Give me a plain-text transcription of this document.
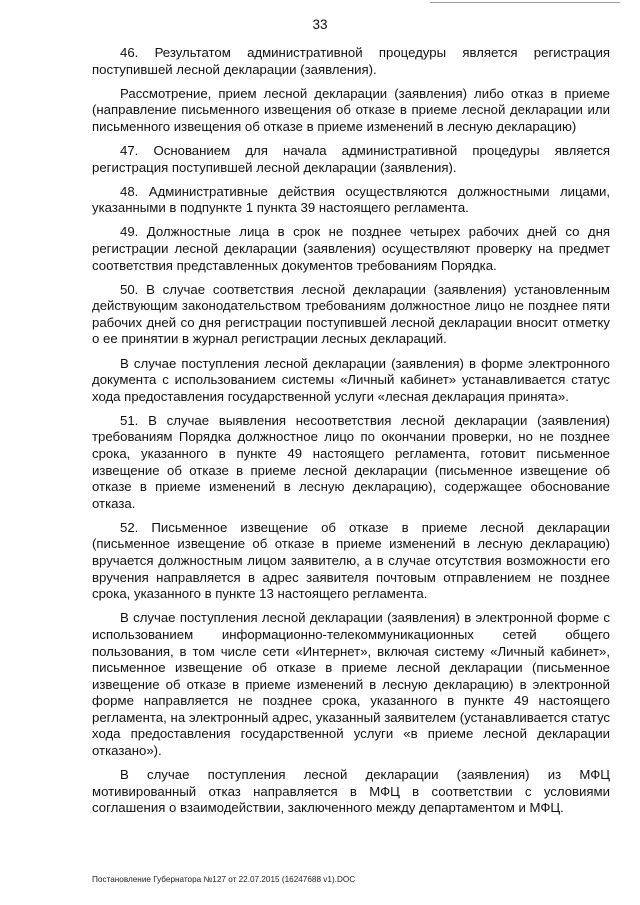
33

46. Результатом административной процедуры является регистрация поступившей лесной декларации (заявления).

Рассмотрение, прием лесной декларации (заявления) либо отказ в приеме (направление письменного извещения об отказе в приеме лесной декларации или письменного извещения об отказе в приеме изменений в лесную декларацию)

47. Основанием для начала административной процедуры является регистрация поступившей лесной декларации (заявления).

48. Административные действия осуществляются должностными лицами, указанными в подпункте 1 пункта 39 настоящего регламента.

49. Должностные лица в срок не позднее четырех рабочих дней со дня регистрации лесной декларации (заявления) осуществляют проверку на предмет соответствия представленных документов требованиям Порядка.

50. В случае соответствия лесной декларации (заявления) установленным действующим законодательством требованиям должностное лицо не позднее пяти рабочих дней со дня регистрации поступившей лесной декларации вносит отметку о ее принятии в журнал регистрации лесных деклараций.

В случае поступления лесной декларации (заявления) в форме электронного документа с использованием системы «Личный кабинет» устанавливается статус хода предоставления государственной услуги «лесная декларация принята».

51. В случае выявления несоответствия лесной декларации (заявления) требованиям Порядка должностное лицо по окончании проверки, но не позднее срока, указанного в пункте 49 настоящего регламента, готовит письменное извещение об отказе в приеме лесной декларации (письменное извещение об отказе в приеме изменений в лесную декларацию), содержащее обоснование отказа.

52. Письменное извещение об отказе в приеме лесной декларации (письменное извещение об отказе в приеме изменений в лесную декларацию) вручается должностным лицом заявителю, а в случае отсутствия возможности его вручения направляется в адрес заявителя почтовым отправлением не позднее срока, указанного в пункте 13 настоящего регламента.

В случае поступления лесной декларации (заявления) в электронной форме с использованием информационно-телекоммуникационных сетей общего пользования, в том числе сети «Интернет», включая систему «Личный кабинет», письменное извещение об отказе в приеме лесной декларации (письменное извещение об отказе в приеме изменений в лесную декларацию) в электронной форме направляется не позднее срока, указанного в пункте 49 настоящего регламента, на электронный адрес, указанный заявителем (устанавливается статус хода предоставления государственной услуги «в приеме лесной декларации отказано»).

В случае поступления лесной декларации (заявления) из МФЦ мотивированный отказ направляется в МФЦ в соответствии с условиями соглашения о взаимодействии, заключенного между департаментом и МФЦ.

Постановление Губернатора №127 от 22.07.2015 (16247688 v1).DOC
